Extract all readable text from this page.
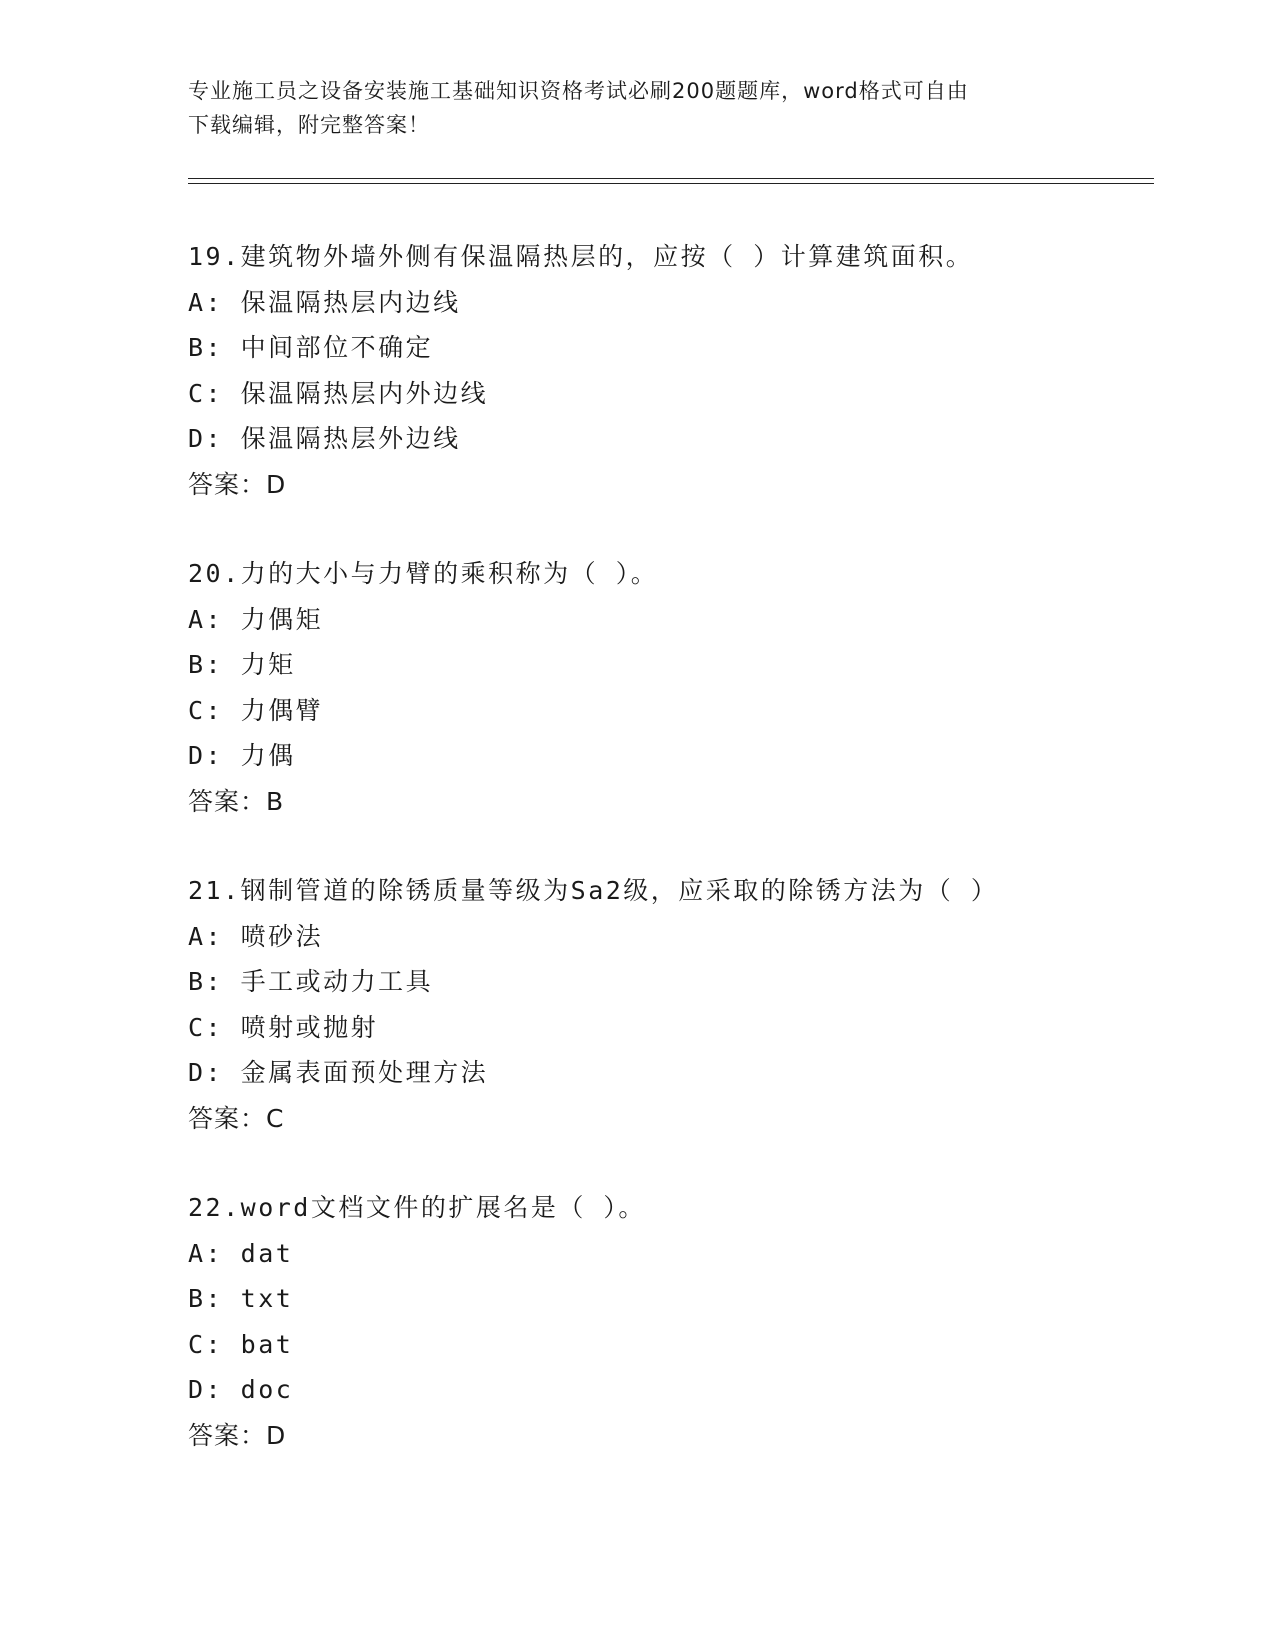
专业施工员之设备安装施工基础知识资格考试必刷200题题库，word格式可自由
下载编辑，附完整答案！
19.建筑物外墙外侧有保温隔热层的，应按（ ）计算建筑面积。
A: 保温隔热层内边线
B: 中间部位不确定
C: 保温隔热层内外边线
D: 保温隔热层外边线
答案：D
20.力的大小与力臂的乘积称为（ ）。
A: 力偶矩
B: 力矩
C: 力偶臂
D: 力偶
答案：B
21.钢制管道的除锈质量等级为Sa2级，应采取的除锈方法为（ ）
A: 喷砂法
B: 手工或动力工具
C: 喷射或抛射
D: 金属表面预处理方法
答案：C
22.word文档文件的扩展名是（ ）。
A: dat
B: txt
C: bat
D: doc
答案：D
